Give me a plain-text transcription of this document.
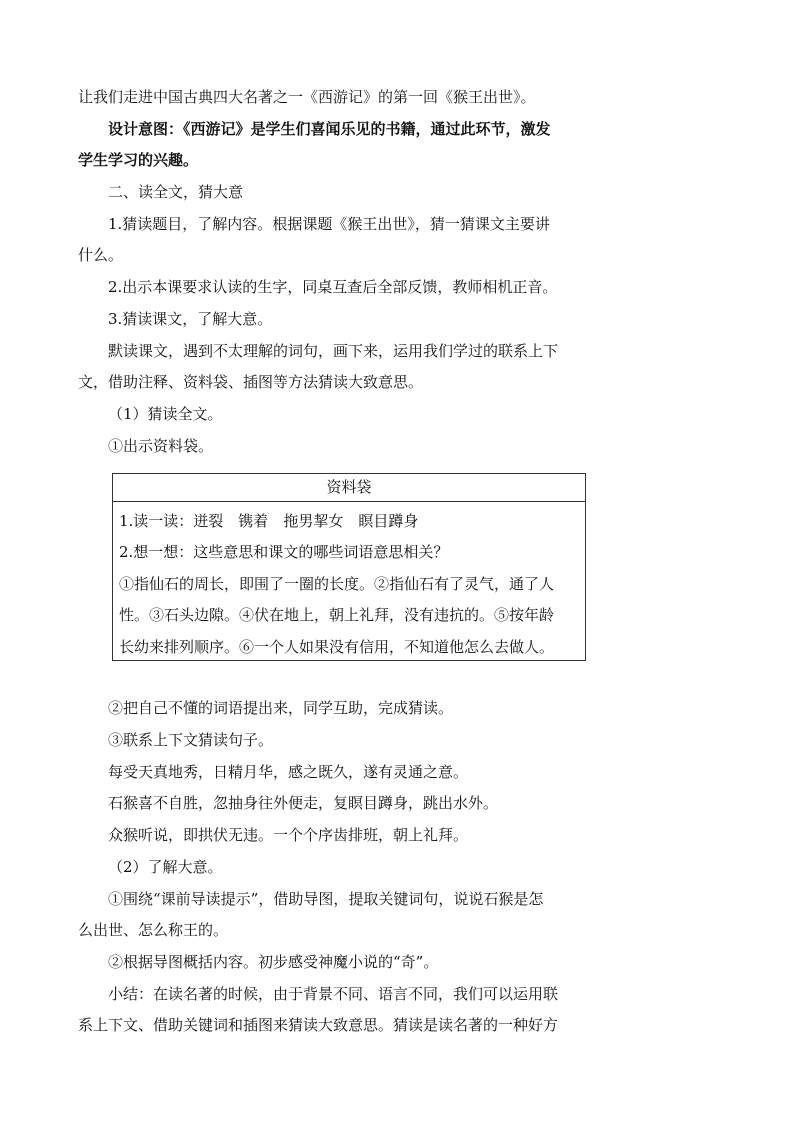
让我们走进中国古典四大名著之一《西游记》的第一回《猴王出世》。
设计意图：《西游记》是学生们喜闻乐见的书籍，通过此环节，激发
学生学习的兴趣。
二、读全文，猜大意
1.猜读题目，了解内容。根据课题《猴王出世》，猜一猜课文主要讲
什么。
2.出示本课要求认读的生字，同桌互查后全部反馈，教师相机正音。
3.猜读课文，了解大意。
默读课文，遇到不太理解的词句，画下来，运用我们学过的联系上下
文，借助注释、资料袋、插图等方法猜读大致意思。
（1）猜读全文。
①出示资料袋。
资料袋
1.读一读：迸裂　镌着　拖男挈女　瞑目蹲身
2.想一想：这些意思和课文的哪些词语意思相关？
①指仙石的周长，即围了一圈的长度。②指仙石有了灵气，通了人
性。③石头边隙。④伏在地上，朝上礼拜，没有违抗的。⑤按年龄
长幼来排列顺序。⑥一个人如果没有信用，不知道他怎么去做人。
②把自己不懂的词语提出来，同学互助，完成猜读。
③联系上下文猜读句子。
每受天真地秀，日精月华，感之既久，遂有灵通之意。
石猴喜不自胜，忽抽身往外便走，复瞑目蹲身，跳出水外。
众猴听说，即拱伏无违。一个个序齿排班，朝上礼拜。
（2）了解大意。
①围绕“课前导读提示”，借助导图，提取关键词句，说说石猴是怎
么出世、怎么称王的。
②根据导图概括内容。初步感受神魔小说的“奇”。
小结：在读名著的时候，由于背景不同、语言不同，我们可以运用联
系上下文、借助关键词和插图来猜读大致意思。猜读是读名著的一种好方
